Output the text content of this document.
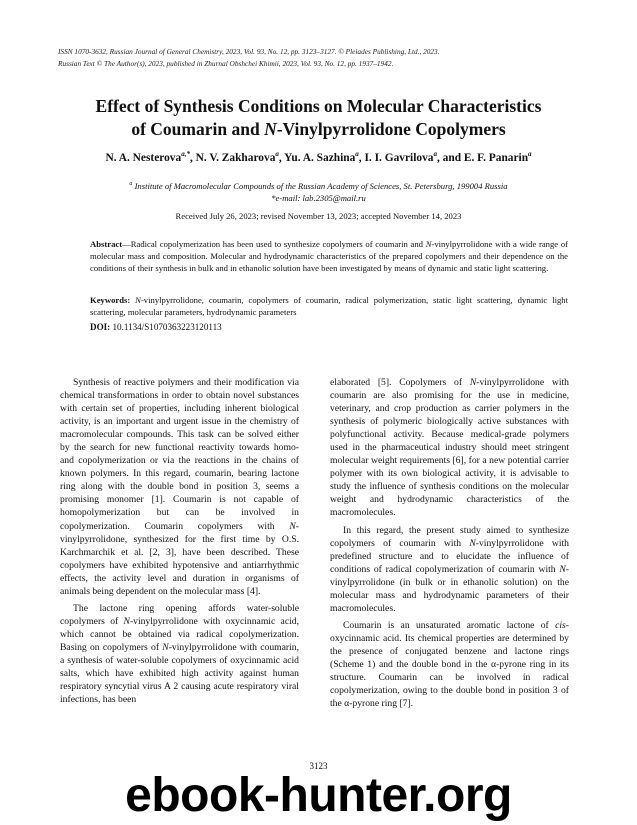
ISSN 1070-3632, Russian Journal of General Chemistry, 2023, Vol. 93, No. 12, pp. 3123–3127. © Pleiades Publishing, Ltd., 2023.
Russian Text © The Author(s), 2023, published in Zhurnal Obshchei Khimii, 2023, Vol. 93, No. 12, pp. 1937–1942.
Effect of Synthesis Conditions on Molecular Characteristics
of Coumarin and N-Vinylpyrrolidone Copolymers
N. A. Nesterova$^{a,*}$, N. V. Zakharova$^a$, Yu. A. Sazhina$^a$, I. I. Gavrilova$^a$, and E. F. Panarin$^a$
$^a$ Institute of Macromolecular Compounds of the Russian Academy of Sciences, St. Petersburg, 199004 Russia
*e-mail: lab.2305@mail.ru
Received July 26, 2023; revised November 13, 2023; accepted November 14, 2023
Abstract—Radical copolymerization has been used to synthesize copolymers of coumarin and N-vinylpyrrolidone with a wide range of molecular mass and composition. Molecular and hydrodynamic characteristics of the prepared copolymers and their dependence on the conditions of their synthesis in bulk and in ethanolic solution have been investigated by means of dynamic and static light scattering.
Keywords: N-vinylpyrrolidone, coumarin, copolymers of coumarin, radical polymerization, static light scattering, dynamic light scattering, molecular parameters, hydrodynamic parameters
DOI: 10.1134/S1070363223120113

Synthesis of reactive polymers and their modification via chemical transformations in order to obtain novel substances with certain set of properties, including inherent biological activity, is an important and urgent issue in the chemistry of macromolecular compounds. This task can be solved either by the search for new functional reactivity towards homo- and copolymerization or via the reactions in the chains of known polymers. In this regard, coumarin, bearing lactone ring along with the double bond in position 3, seems a promising monomer [1]. Coumarin is not capable of homopolymerization but can be involved in copolymerization. Coumarin copolymers with N-vinylpyrrolidone, synthesized for the first time by O.S. Karchmarchik et al. [2, 3], have been described. These copolymers have exhibited hypotensive and antiarrhythmic effects, the activity level and duration in organisms of animals being dependent on the molecular mass [4].

The lactone ring opening affords water-soluble copolymers of N-vinylpyrrolidone with oxycinnamic acid, which cannot be obtained via radical copolymerization. Basing on copolymers of N-vinylpyrrolidone with coumarin, a synthesis of water-soluble copolymers of oxycinnamic acid salts, which have exhibited high activity against human respiratory syncytial virus A 2 causing acute respiratory viral infections, has been

elaborated [5]. Copolymers of N-vinylpyrrolidone with coumarin are also promising for the use in medicine, veterinary, and crop production as carrier polymers in the synthesis of polymeric biologically active substances with polyfunctional activity. Because medical-grade polymers used in the pharmaceutical industry should meet stringent molecular weight requirements [6], for a new potential carrier polymer with its own biological activity, it is advisable to study the influence of synthesis conditions on the molecular weight and hydrodynamic characteristics of the macromolecules.

In this regard, the present study aimed to synthesize copolymers of coumarin with N-vinylpyrrolidone with predefined structure and to elucidate the influence of conditions of radical copolymerization of coumarin with N-vinylpyrrolidone (in bulk or in ethanolic solution) on the molecular mass and hydrodynamic parameters of their macromolecules.

Coumarin is an unsaturated aromatic lactone of cis-oxycinnamic acid. Its chemical properties are determined by the presence of conjugated benzene and lactone rings (Scheme 1) and the double bond in the α-pyrone ring in its structure. Coumarin can be involved in radical copolymerization, owing to the double bond in position 3 of the α-pyrone ring [7].

3123
ebook-hunter.org
